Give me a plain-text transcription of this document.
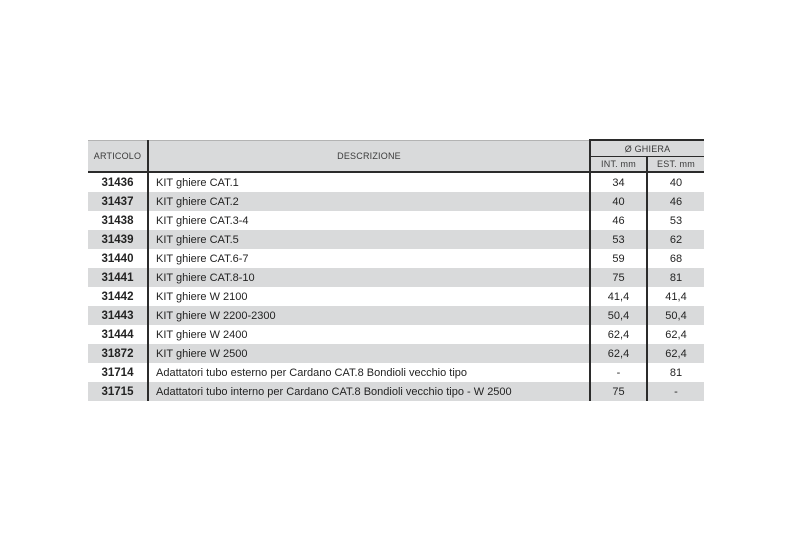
ARTICOLO	DESCRIZIONE	Ø GHIERA	
		INT. mm	EST. mm
31436	KIT ghiere CAT.1	34	40
31437	KIT ghiere CAT.2	40	46
31438	KIT ghiere CAT.3-4	46	53
31439	KIT ghiere CAT.5	53	62
31440	KIT ghiere CAT.6-7	59	68
31441	KIT ghiere CAT.8-10	75	81
31442	KIT ghiere W 2100	41,4	41,4
31443	KIT ghiere W 2200-2300	50,4	50,4
31444	KIT ghiere W 2400	62,4	62,4
31872	KIT ghiere W 2500	62,4	62,4
31714	Adattatori tubo esterno per Cardano CAT.8 Bondioli vecchio tipo	-	81
31715	Adattatori tubo interno per Cardano CAT.8 Bondioli vecchio tipo - W 2500	75	-
